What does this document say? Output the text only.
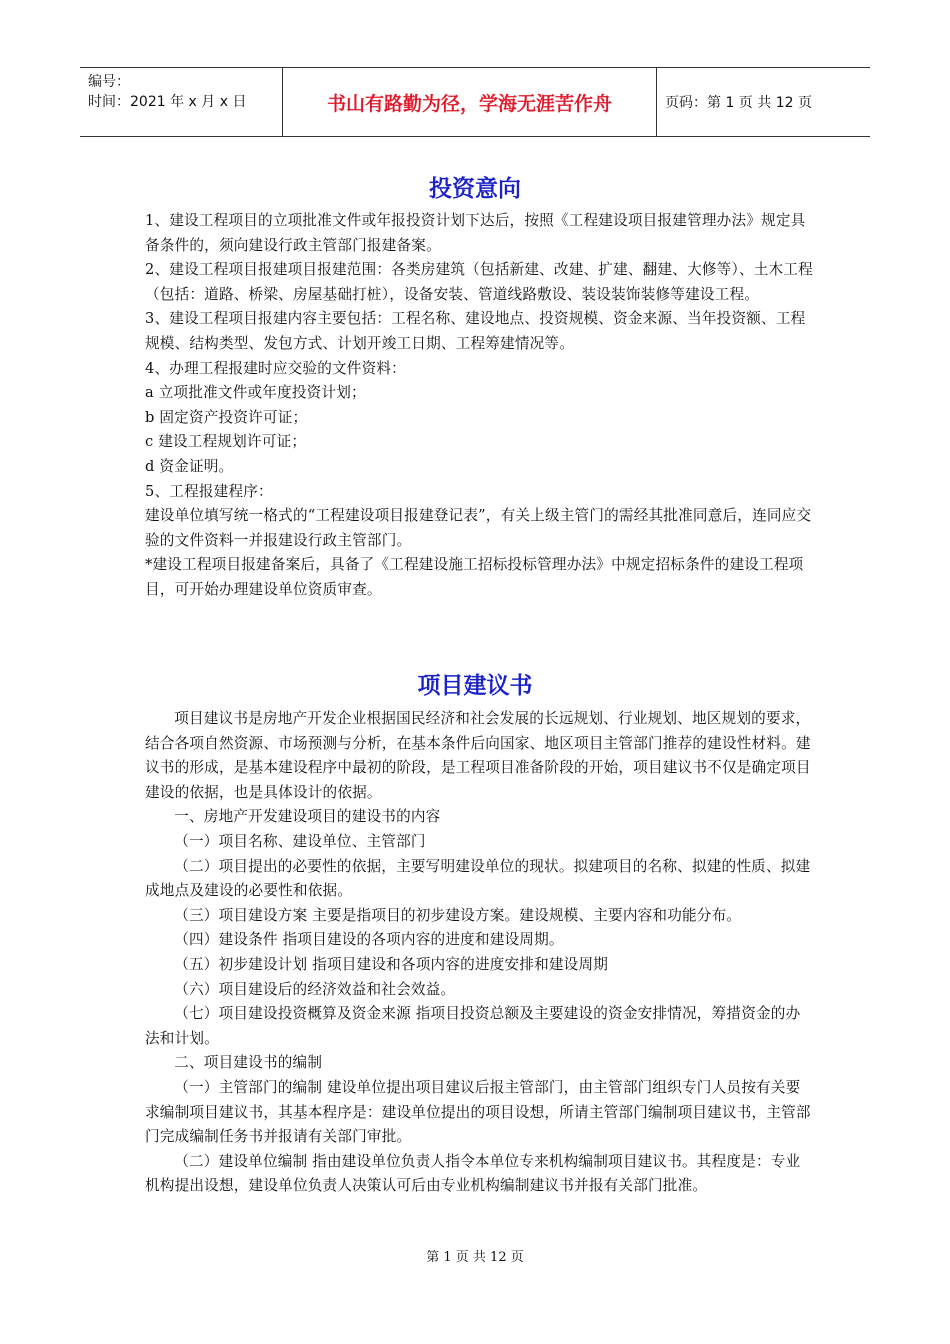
编号：
时间：2021 年 x 月 x 日	书山有路勤为径，学海无涯苦作舟	页码：第 1 页 共 12 页
投资意向

1、建设工程项目的立项批准文件或年报投资计划下达后，按照《工程建设项目报建管理办法》规定具备条件的，须向建设行政主管部门报建备案。

2、建设工程项目报建项目报建范围：各类房建筑（包括新建、改建、扩建、翻建、大修等）、土木工程（包括：道路、桥梁、房屋基础打桩），设备安装、管道线路敷设、装设装饰装修等建设工程。

3、建设工程项目报建内容主要包括：工程名称、建设地点、投资规模、资金来源、当年投资额、工程规模、结构类型、发包方式、计划开竣工日期、工程筹建情况等。

4、办理工程报建时应交验的文件资料：

a 立项批准文件或年度投资计划；

b 固定资产投资许可证；

c 建设工程规划许可证；

d 资金证明。

5、工程报建程序：

建设单位填写统一格式的“工程建设项目报建登记表”，有关上级主管门的需经其批准同意后，连同应交验的文件资料一并报建设行政主管部门。

*建设工程项目报建备案后，具备了《工程建设施工招标投标管理办法》中规定招标条件的建设工程项目，可开始办理建设单位资质审查。

项目建议书

项目建议书是房地产开发企业根据国民经济和社会发展的长远规划、行业规划、地区规划的要求，结合各项自然资源、市场预测与分析，在基本条件后向国家、地区项目主管部门推荐的建设性材料。建议书的形成，是基本建设程序中最初的阶段，是工程项目准备阶段的开始，项目建议书不仅是确定项目建设的依据，也是具体设计的依据。

一、房地产开发建设项目的建设书的内容

（一）项目名称、建设单位、主管部门

（二）项目提出的必要性的依据，主要写明建设单位的现状。拟建项目的名称、拟建的性质、拟建成地点及建设的必要性和依据。

（三）项目建设方案 主要是指项目的初步建设方案。建设规模、主要内容和功能分布。

（四）建设条件 指项目建设的各项内容的进度和建设周期。

（五）初步建设计划 指项目建设和各项内容的进度安排和建设周期

（六）项目建设后的经济效益和社会效益。

（七）项目建设投资概算及资金来源 指项目投资总额及主要建设的资金安排情况，筹措资金的办法和计划。

二、项目建设书的编制

（一）主管部门的编制 建设单位提出项目建议后报主管部门，由主管部门组织专门人员按有关要求编制项目建议书，其基本程序是：建设单位提出的项目设想，所请主管部门编制项目建议书，主管部门完成编制任务书并报请有关部门审批。

（二）建设单位编制 指由建设单位负责人指令本单位专来机构编制项目建议书。其程度是：专业机构提出设想，建设单位负责人决策认可后由专业机构编制建议书并报有关部门批准。

第 1 页 共 12 页
